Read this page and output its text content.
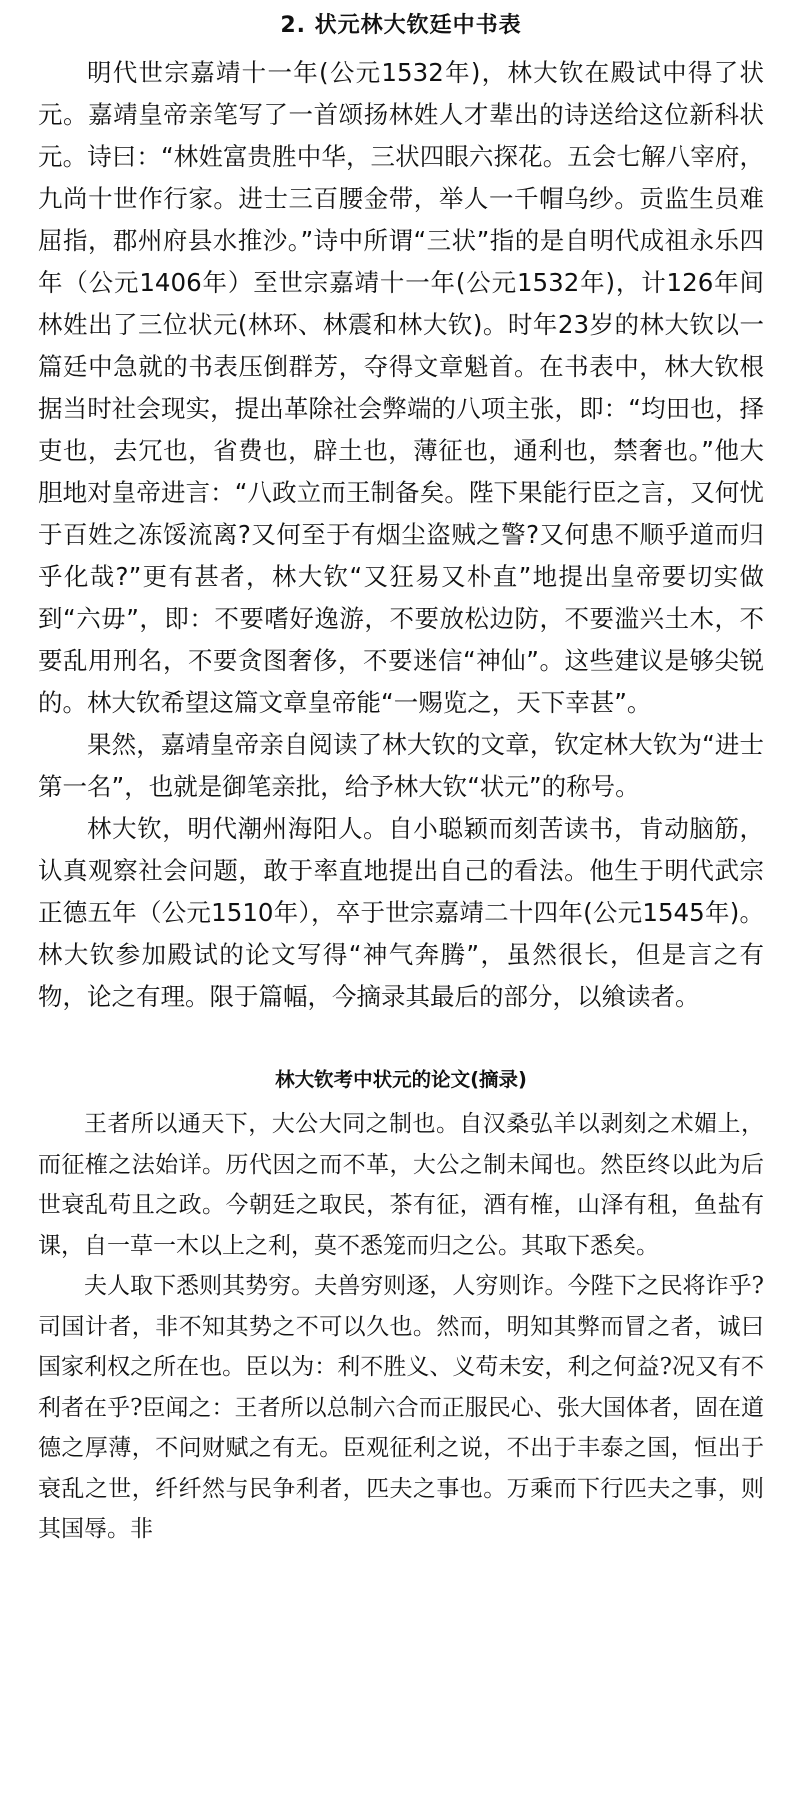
2. 状元林大钦廷中书表

明代世宗嘉靖十一年(公元1532年)，林大钦在殿试中得了状元。嘉靖皇帝亲笔写了一首颂扬林姓人才辈出的诗送给这位新科状元。诗曰：“林姓富贵胜中华，三状四眼六探花。五会七解八宰府，九尚十世作行家。进士三百腰金带，举人一千帽乌纱。贡监生员难屈指，郡州府县水推沙。”诗中所谓“三状”指的是自明代成祖永乐四年（公元1406年）至世宗嘉靖十一年(公元1532年)，计126年间林姓出了三位状元(林环、林震和林大钦)。时年23岁的林大钦以一篇廷中急就的书表压倒群芳，夺得文章魁首。在书表中，林大钦根据当时社会现实，提出革除社会弊端的八项主张，即：“均田也，择吏也，去冗也，省费也，辟土也，薄征也，通利也，禁奢也。”他大胆地对皇帝进言：“八政立而王制备矣。陛下果能行臣之言，又何忧于百姓之冻馁流离?又何至于有烟尘盗贼之警?又何患不顺乎道而归乎化哉?”更有甚者，林大钦“又狂易又朴直”地提出皇帝要切实做到“六毋”，即：不要嗜好逸游，不要放松边防，不要滥兴土木，不要乱用刑名，不要贪图奢侈，不要迷信“神仙”。这些建议是够尖锐的。林大钦希望这篇文章皇帝能“一赐览之，天下幸甚”。

果然，嘉靖皇帝亲自阅读了林大钦的文章，钦定林大钦为“进士第一名”，也就是御笔亲批，给予林大钦“状元”的称号。

林大钦，明代潮州海阳人。自小聪颖而刻苦读书，肯动脑筋，认真观察社会问题，敢于率直地提出自己的看法。他生于明代武宗正德五年（公元1510年），卒于世宗嘉靖二十四年(公元1545年)。林大钦参加殿试的论文写得“神气奔腾”，虽然很长，但是言之有物，论之有理。限于篇幅，今摘录其最后的部分，以飨读者。

林大钦考中状元的论文(摘录)

王者所以通天下，大公大同之制也。自汉桑弘羊以剥刻之术媚上，而征榷之法始详。历代因之而不革，大公之制未闻也。然臣终以此为后世衰乱苟且之政。今朝廷之取民，茶有征，酒有榷，山泽有租，鱼盐有课，自一草一木以上之利，莫不悉笼而归之公。其取下悉矣。

夫人取下悉则其势穷。夫兽穷则逐，人穷则诈。今陛下之民将诈乎?司国计者，非不知其势之不可以久也。然而，明知其弊而冒之者，诚曰国家利权之所在也。臣以为：利不胜义、义苟未安，利之何益?况又有不利者在乎?臣闻之：王者所以总制六合而正服民心、张大国体者，固在道德之厚薄，不问财赋之有无。臣观征利之说，不出于丰泰之国，恒出于衰乱之世，纤纤然与民争利者，匹夫之事也。万乘而下行匹夫之事，则其国辱。非
